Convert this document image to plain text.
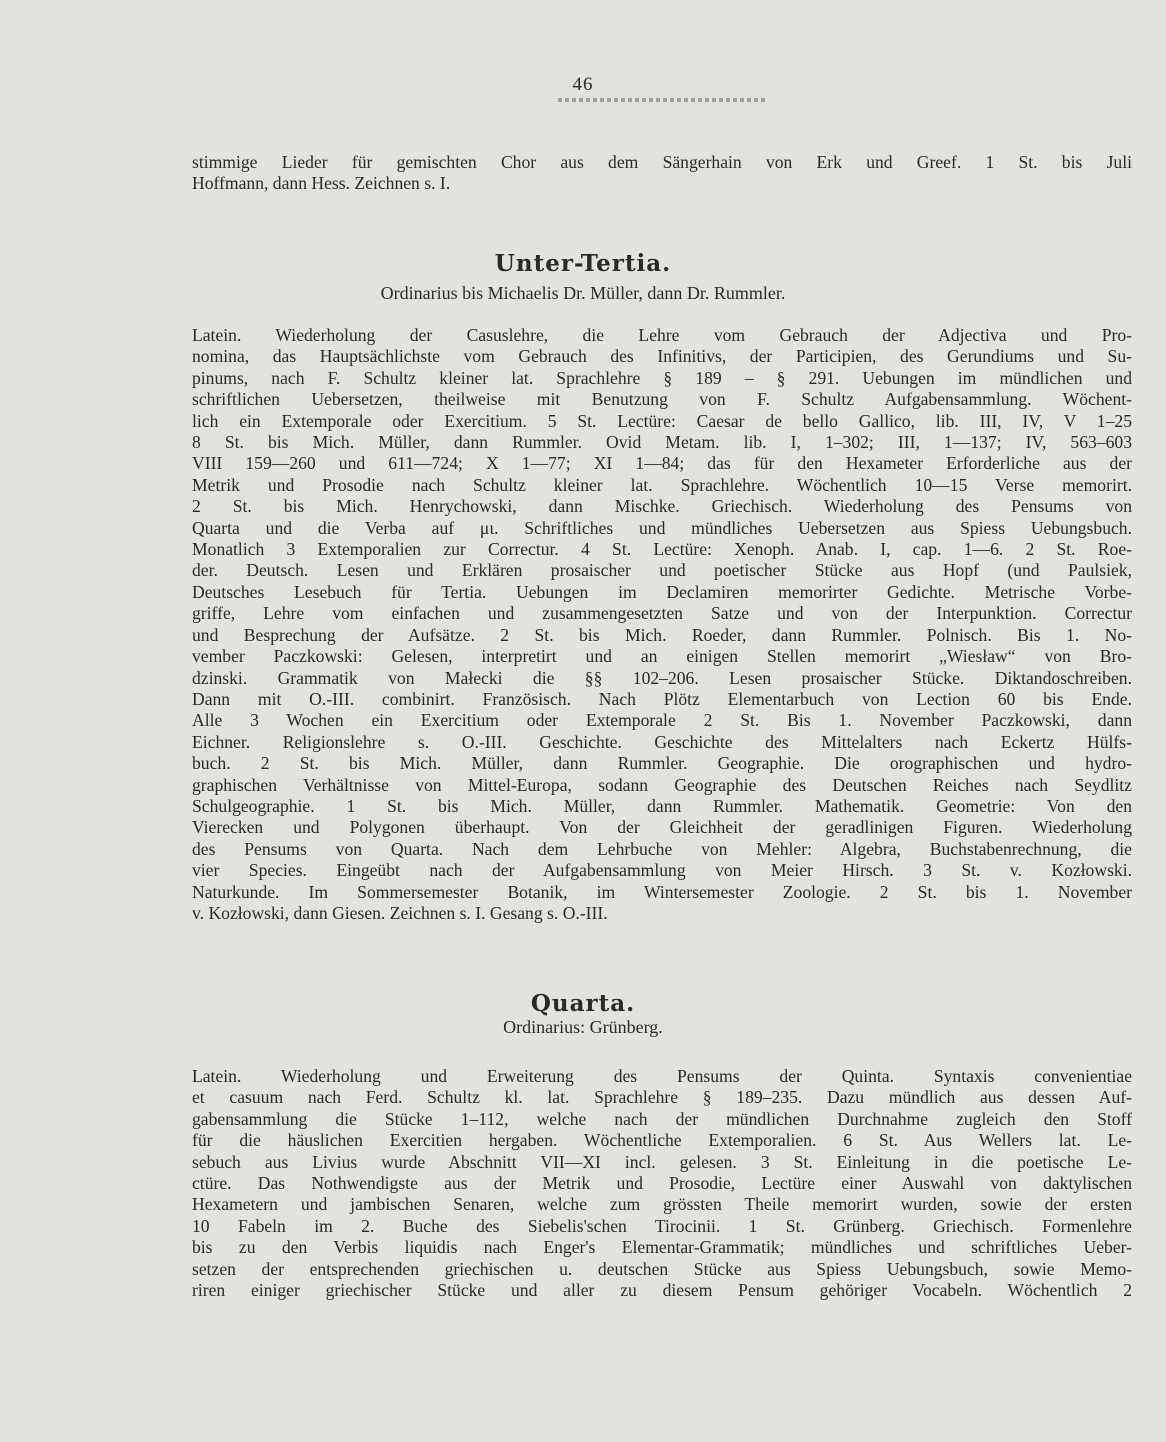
46
stimmige Lieder für gemischten Chor aus dem Sängerhain von Erk und Greef. 1 St. bis Juli
Hoffmann, dann Hess. Zeichnen s. I.
Unter-Tertia.
Ordinarius bis Michaelis Dr. Müller, dann Dr. Rummler.
Latein. Wiederholung der Casuslehre, die Lehre vom Gebrauch der Adjectiva und Pro-
nomina, das Hauptsächlichste vom Gebrauch des Infinitivs, der Participien, des Gerundiums und Su-
pinums, nach F. Schultz kleiner lat. Sprachlehre § 189 – § 291. Uebungen im mündlichen und
schriftlichen Uebersetzen, theilweise mit Benutzung von F. Schultz Aufgabensammlung. Wöchent-
lich ein Extemporale oder Exercitium. 5 St. Lectüre: Caesar de bello Gallico, lib. III, IV, V 1–25
8 St. bis Mich. Müller, dann Rummler. Ovid Metam. lib. I, 1–302; III, 1—137; IV, 563–603
VIII 159—260 und 611—724; X 1—77; XI 1—84; das für den Hexameter Erforderliche aus der
Metrik und Prosodie nach Schultz kleiner lat. Sprachlehre. Wöchentlich 10—15 Verse memorirt.
2 St. bis Mich. Henrychowski, dann Mischke. Griechisch. Wiederholung des Pensums von
Quarta und die Verba auf μι. Schriftliches und mündliches Uebersetzen aus Spiess Uebungsbuch.
Monatlich 3 Extemporalien zur Correctur. 4 St. Lectüre: Xenoph. Anab. I, cap. 1—6. 2 St. Roe-
der. Deutsch. Lesen und Erklären prosaischer und poetischer Stücke aus Hopf (und Paulsiek,
Deutsches Lesebuch für Tertia. Uebungen im Declamiren memorirter Gedichte. Metrische Vorbe-
griffe, Lehre vom einfachen und zusammengesetzten Satze und von der Interpunktion. Correctur
und Besprechung der Aufsätze. 2 St. bis Mich. Roeder, dann Rummler. Polnisch. Bis 1. No-
vember Paczkowski: Gelesen, interpretirt und an einigen Stellen memorirt „Wiesław“ von Bro-
dzinski. Grammatik von Małecki die §§ 102–206. Lesen prosaischer Stücke. Diktandoschreiben.
Dann mit O.-III. combinirt. Französisch. Nach Plötz Elementarbuch von Lection 60 bis Ende.
Alle 3 Wochen ein Exercitium oder Extemporale 2 St. Bis 1. November Paczkowski, dann
Eichner. Religionslehre s. O.-III. Geschichte. Geschichte des Mittelalters nach Eckertz Hülfs-
buch. 2 St. bis Mich. Müller, dann Rummler. Geographie. Die orographischen und hydro-
graphischen Verhältnisse von Mittel-Europa, sodann Geographie des Deutschen Reiches nach Seydlitz
Schulgeographie. 1 St. bis Mich. Müller, dann Rummler. Mathematik. Geometrie: Von den
Vierecken und Polygonen überhaupt. Von der Gleichheit der geradlinigen Figuren. Wiederholung
des Pensums von Quarta. Nach dem Lehrbuche von Mehler: Algebra, Buchstabenrechnung, die
vier Species. Eingeübt nach der Aufgabensammlung von Meier Hirsch. 3 St. v. Kozłowski.
Naturkunde. Im Sommersemester Botanik, im Wintersemester Zoologie. 2 St. bis 1. November
v. Kozłowski, dann Giesen. Zeichnen s. I. Gesang s. O.-III.
Quarta.
Ordinarius: Grünberg.
Latein. Wiederholung und Erweiterung des Pensums der Quinta. Syntaxis convenientiae
et casuum nach Ferd. Schultz kl. lat. Sprachlehre § 189–235. Dazu mündlich aus dessen Auf-
gabensammlung die Stücke 1–112, welche nach der mündlichen Durchnahme zugleich den Stoff
für die häuslichen Exercitien hergaben. Wöchentliche Extemporalien. 6 St. Aus Wellers lat. Le-
sebuch aus Livius wurde Abschnitt VII—XI incl. gelesen. 3 St. Einleitung in die poetische Le-
ctüre. Das Nothwendigste aus der Metrik und Prosodie, Lectüre einer Auswahl von daktylischen
Hexametern und jambischen Senaren, welche zum grössten Theile memorirt wurden, sowie der ersten
10 Fabeln im 2. Buche des Siebelis'schen Tirocinii. 1 St. Grünberg. Griechisch. Formenlehre
bis zu den Verbis liquidis nach Enger's Elementar-Grammatik; mündliches und schriftliches Ueber-
setzen der entsprechenden griechischen u. deutschen Stücke aus Spiess Uebungsbuch, sowie Memo-
riren einiger griechischer Stücke und aller zu diesem Pensum gehöriger Vocabeln. Wöchentlich 2
